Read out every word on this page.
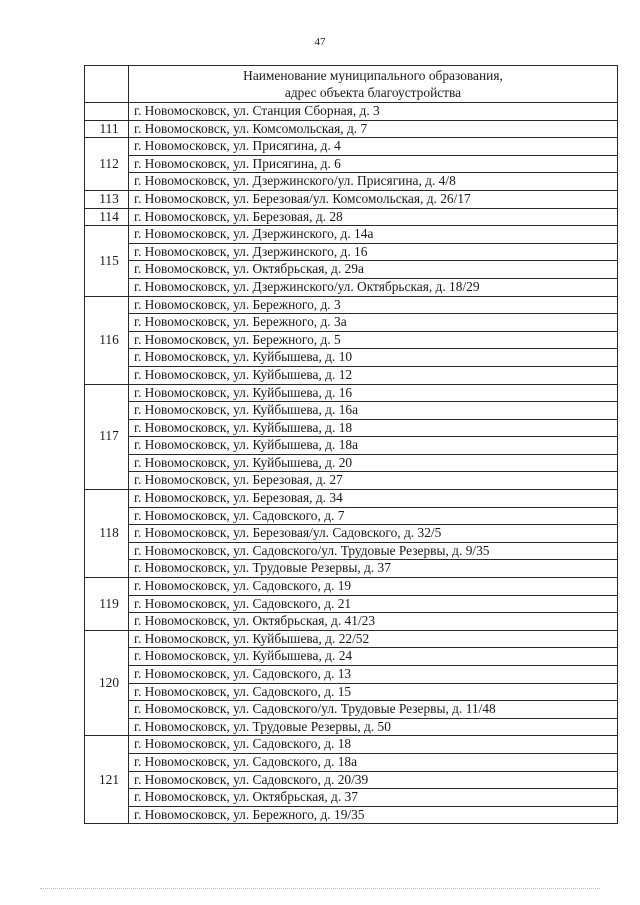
47

	Наименование муниципального образования,
адрес объекта благоустройства

	г. Новомосковск, ул. Станция Сборная, д. 3
111	г. Новомосковск, ул. Комсомольская, д. 7
112	г. Новомосковск, ул. Присягина, д. 4
	г. Новомосковск, ул. Присягина, д. 6
	г. Новомосковск, ул. Дзержинского/ул. Присягина, д. 4/8
113	г. Новомосковск, ул. Березовая/ул. Комсомольская, д. 26/17
114	г. Новомосковск, ул. Березовая, д. 28
115	г. Новомосковск, ул. Дзержинского, д. 14а
	г. Новомосковск, ул. Дзержинского, д. 16
	г. Новомосковск, ул. Октябрьская, д. 29а
	г. Новомосковск, ул. Дзержинского/ул. Октябрьская, д. 18/29
116	г. Новомосковск, ул. Бережного, д. 3
	г. Новомосковск, ул. Бережного, д. 3а
	г. Новомосковск, ул. Бережного, д. 5
	г. Новомосковск, ул. Куйбышева, д. 10
	г. Новомосковск, ул. Куйбышева, д. 12
117	г. Новомосковск, ул. Куйбышева, д. 16
	г. Новомосковск, ул. Куйбышева, д. 16а
	г. Новомосковск, ул. Куйбышева, д. 18
	г. Новомосковск, ул. Куйбышева, д. 18а
	г. Новомосковск, ул. Куйбышева, д. 20
	г. Новомосковск, ул. Березовая, д. 27
118	г. Новомосковск, ул. Березовая, д. 34
	г. Новомосковск, ул. Садовского, д. 7
	г. Новомосковск, ул. Березовая/ул. Садовского, д. 32/5
	г. Новомосковск, ул. Садовского/ул. Трудовые Резервы, д. 9/35
	г. Новомосковск, ул. Трудовые Резервы, д. 37
119	г. Новомосковск, ул. Садовского, д. 19
	г. Новомосковск, ул. Садовского, д. 21
	г. Новомосковск, ул. Октябрьская, д. 41/23
120	г. Новомосковск, ул. Куйбышева, д. 22/52
	г. Новомосковск, ул. Куйбышева, д. 24
	г. Новомосковск, ул. Садовского, д. 13
	г. Новомосковск, ул. Садовского, д. 15
	г. Новомосковск, ул. Садовского/ул. Трудовые Резервы, д. 11/48
	г. Новомосковск, ул. Трудовые Резервы, д. 50
121	г. Новомосковск, ул. Садовского, д. 18
	г. Новомосковск, ул. Садовского, д. 18а
	г. Новомосковск, ул. Садовского, д. 20/39
	г. Новомосковск, ул. Октябрьская, д. 37
	г. Новомосковск, ул. Бережного, д. 19/35
